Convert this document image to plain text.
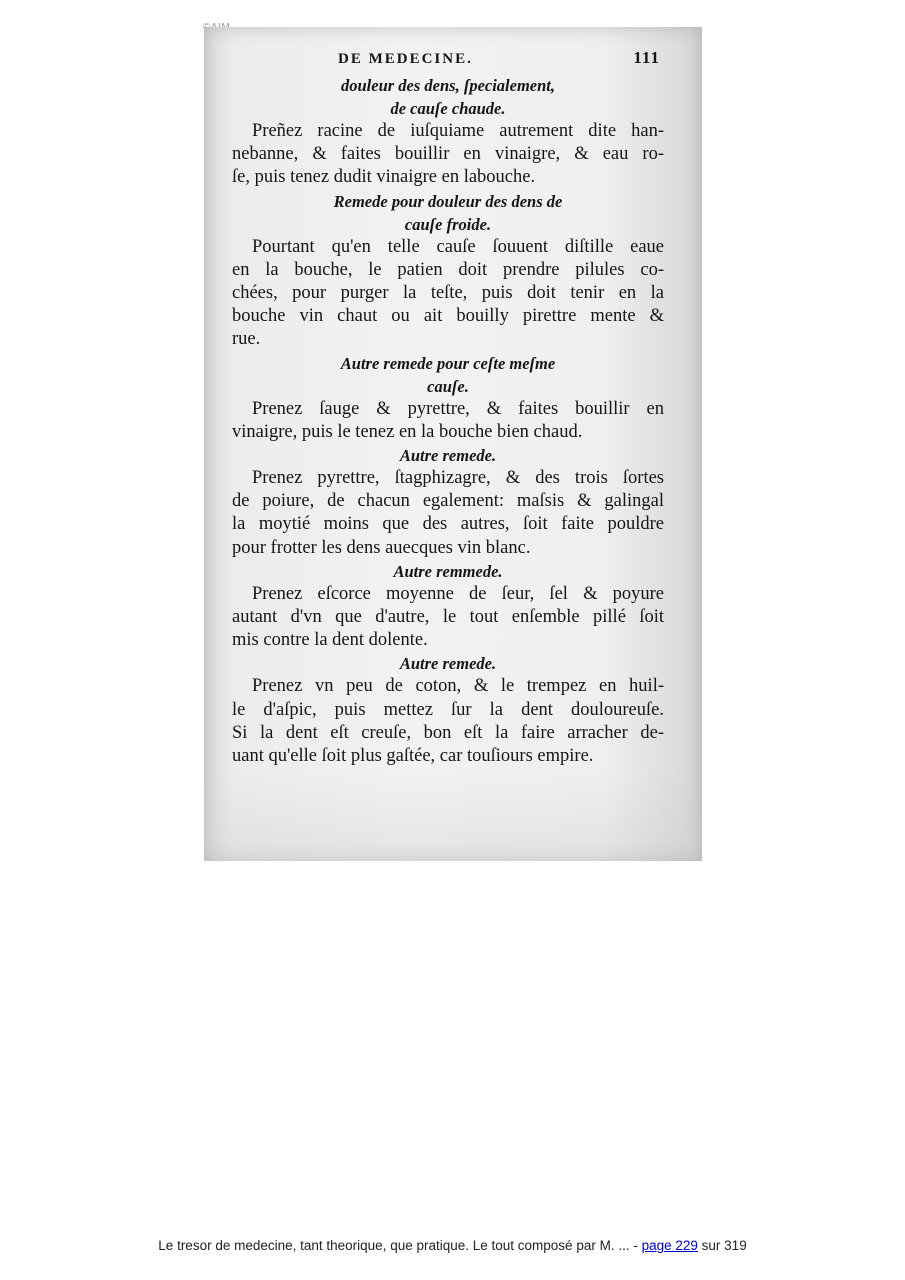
DE MEDECINE.	111
douleur des dens, ſpecialement,
de cauſe chaude.
Preñez racine de iuſquiame autrement dite han-
nebanne, & faites bouillir en vinaigre, & eau ro-
ſe, puis tenez dudit vinaigre en labouche.
Remede pour douleur des dens de
cauſe froide.
Pourtant qu'en telle cauſe ſouuent diſtille eaue
en la bouche, le patien doit prendre pilules co-
chées, pour purger la teſte, puis doit tenir en la
bouche vin chaut ou ait bouilly pirettre mente &
rue.
Autre remede pour ceſte meſme
cauſe.
Prenez ſauge & pyrettre, & faites bouillir en
vinaigre, puis le tenez en la bouche bien chaud.
Autre remede.
Prenez pyrettre, ſtagphizagre, & des trois ſortes
de poiure, de chacun egalement: maſsis & galingal
la moytié moins que des autres, ſoit faite pouldre
pour frotter les dens auecques vin blanc.
Autre remmede.
Prenez eſcorce moyenne de ſeur, ſel & poyure
autant d'vn que d'autre, le tout enſemble pillé ſoit
mis contre la dent dolente.
Autre remede.
Prenez vn peu de coton, & le trempez en huil-
le d'aſpic, puis mettez ſur la dent douloureuſe.
Si la dent eſt creuſe, bon eſt la faire arracher de-
uant qu'elle ſoit plus gaſtée, car touſiours empire.
Le tresor de medecine, tant theorique, que pratique. Le tout composé par M. ... - page 229 sur 319
